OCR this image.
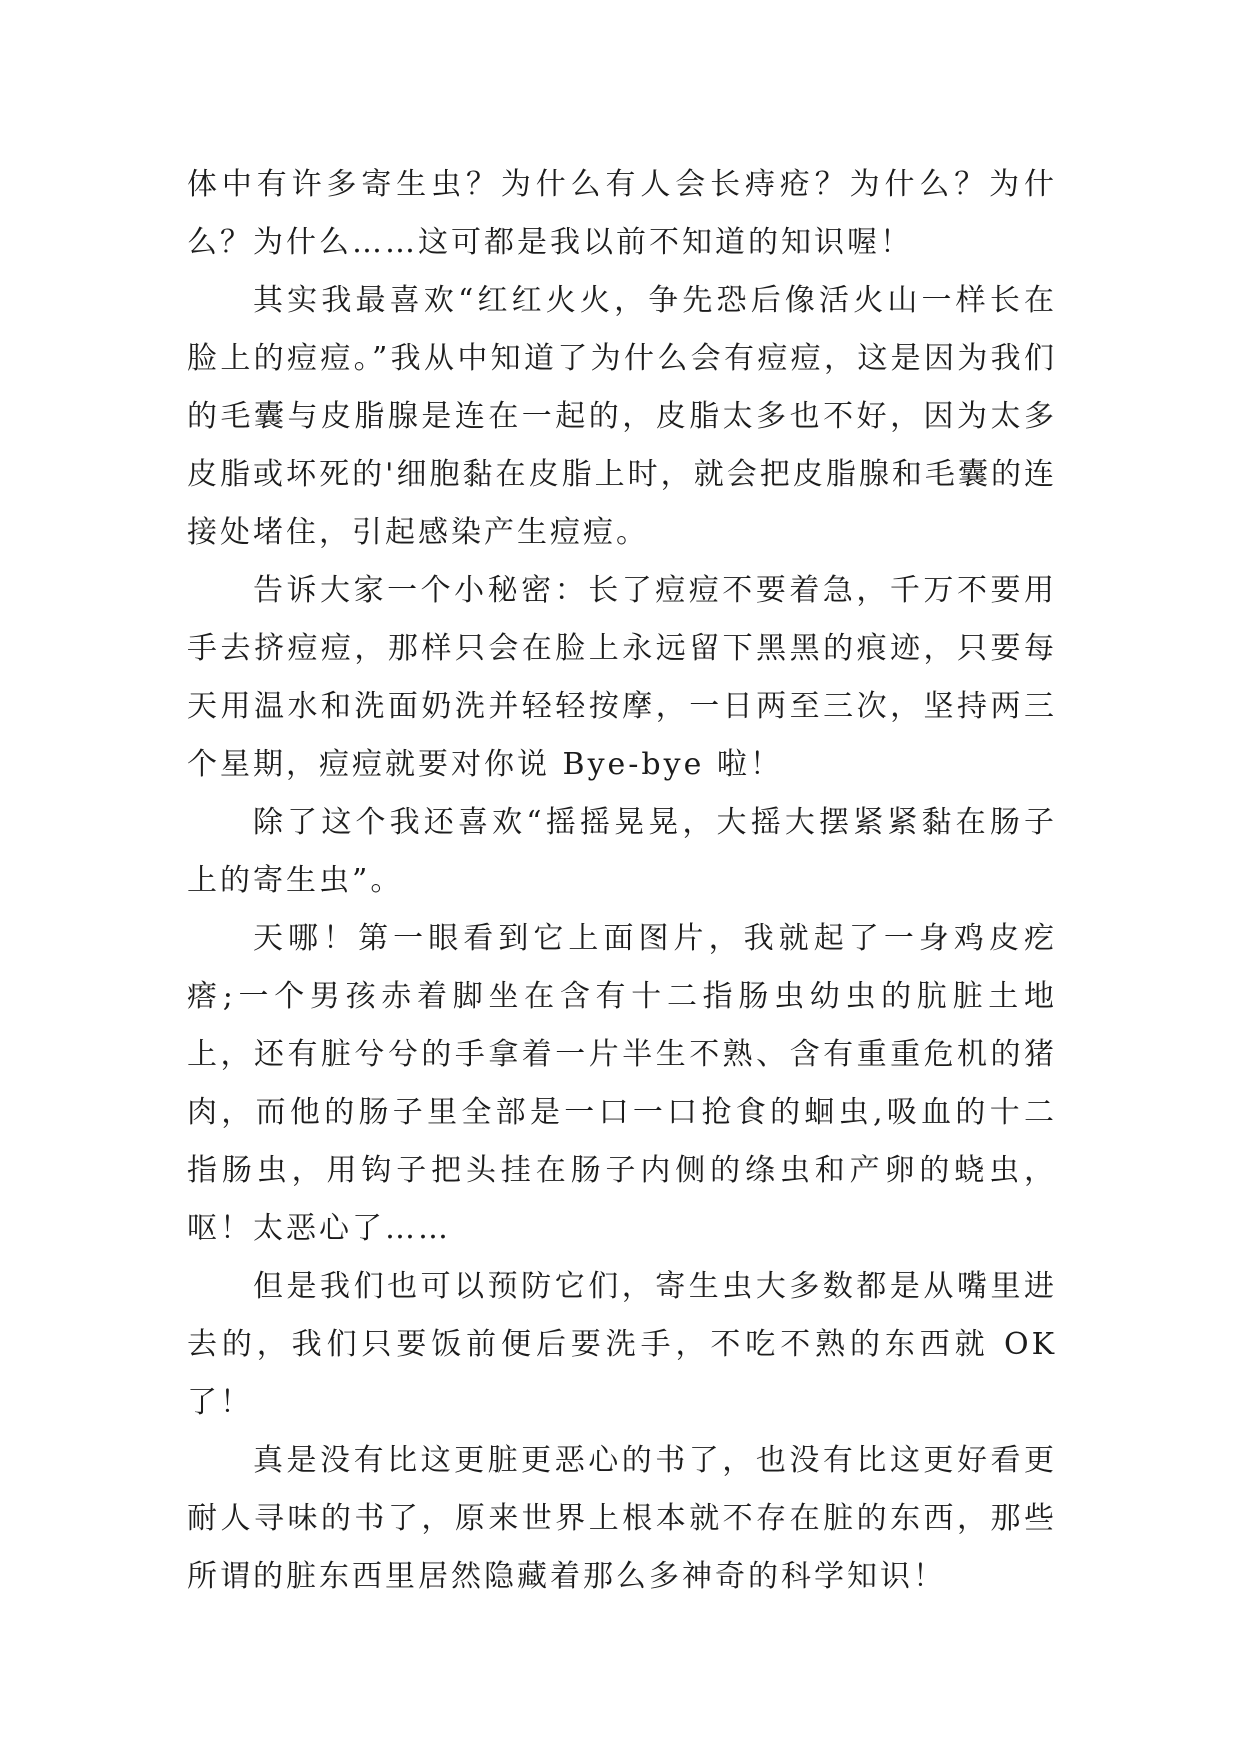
体中有许多寄生虫？为什么有人会长痔疮？为什么？为什么？为什么……这可都是我以前不知道的知识喔！

其实我最喜欢“红红火火，争先恐后像活火山一样长在脸上的痘痘。”我从中知道了为什么会有痘痘，这是因为我们的毛囊与皮脂腺是连在一起的，皮脂太多也不好，因为太多皮脂或坏死的'细胞黏在皮脂上时，就会把皮脂腺和毛囊的连接处堵住，引起感染产生痘痘。

告诉大家一个小秘密：长了痘痘不要着急，千万不要用手去挤痘痘，那样只会在脸上永远留下黑黑的痕迹，只要每天用温水和洗面奶洗并轻轻按摩，一日两至三次，坚持两三个星期，痘痘就要对你说 Bye-bye 啦！

除了这个我还喜欢“摇摇晃晃，大摇大摆紧紧黏在肠子上的寄生虫”。

天哪！第一眼看到它上面图片，我就起了一身鸡皮疙瘩;一个男孩赤着脚坐在含有十二指肠虫幼虫的肮脏土地上，还有脏兮兮的手拿着一片半生不熟、含有重重危机的猪肉，而他的肠子里全部是一口一口抢食的蛔虫,吸血的十二指肠虫，用钩子把头挂在肠子内侧的绦虫和产卵的蛲虫，呕！太恶心了……

但是我们也可以预防它们，寄生虫大多数都是从嘴里进去的，我们只要饭前便后要洗手，不吃不熟的东西就 OK 了！

真是没有比这更脏更恶心的书了，也没有比这更好看更耐人寻味的书了，原来世界上根本就不存在脏的东西，那些所谓的脏东西里居然隐藏着那么多神奇的科学知识！
